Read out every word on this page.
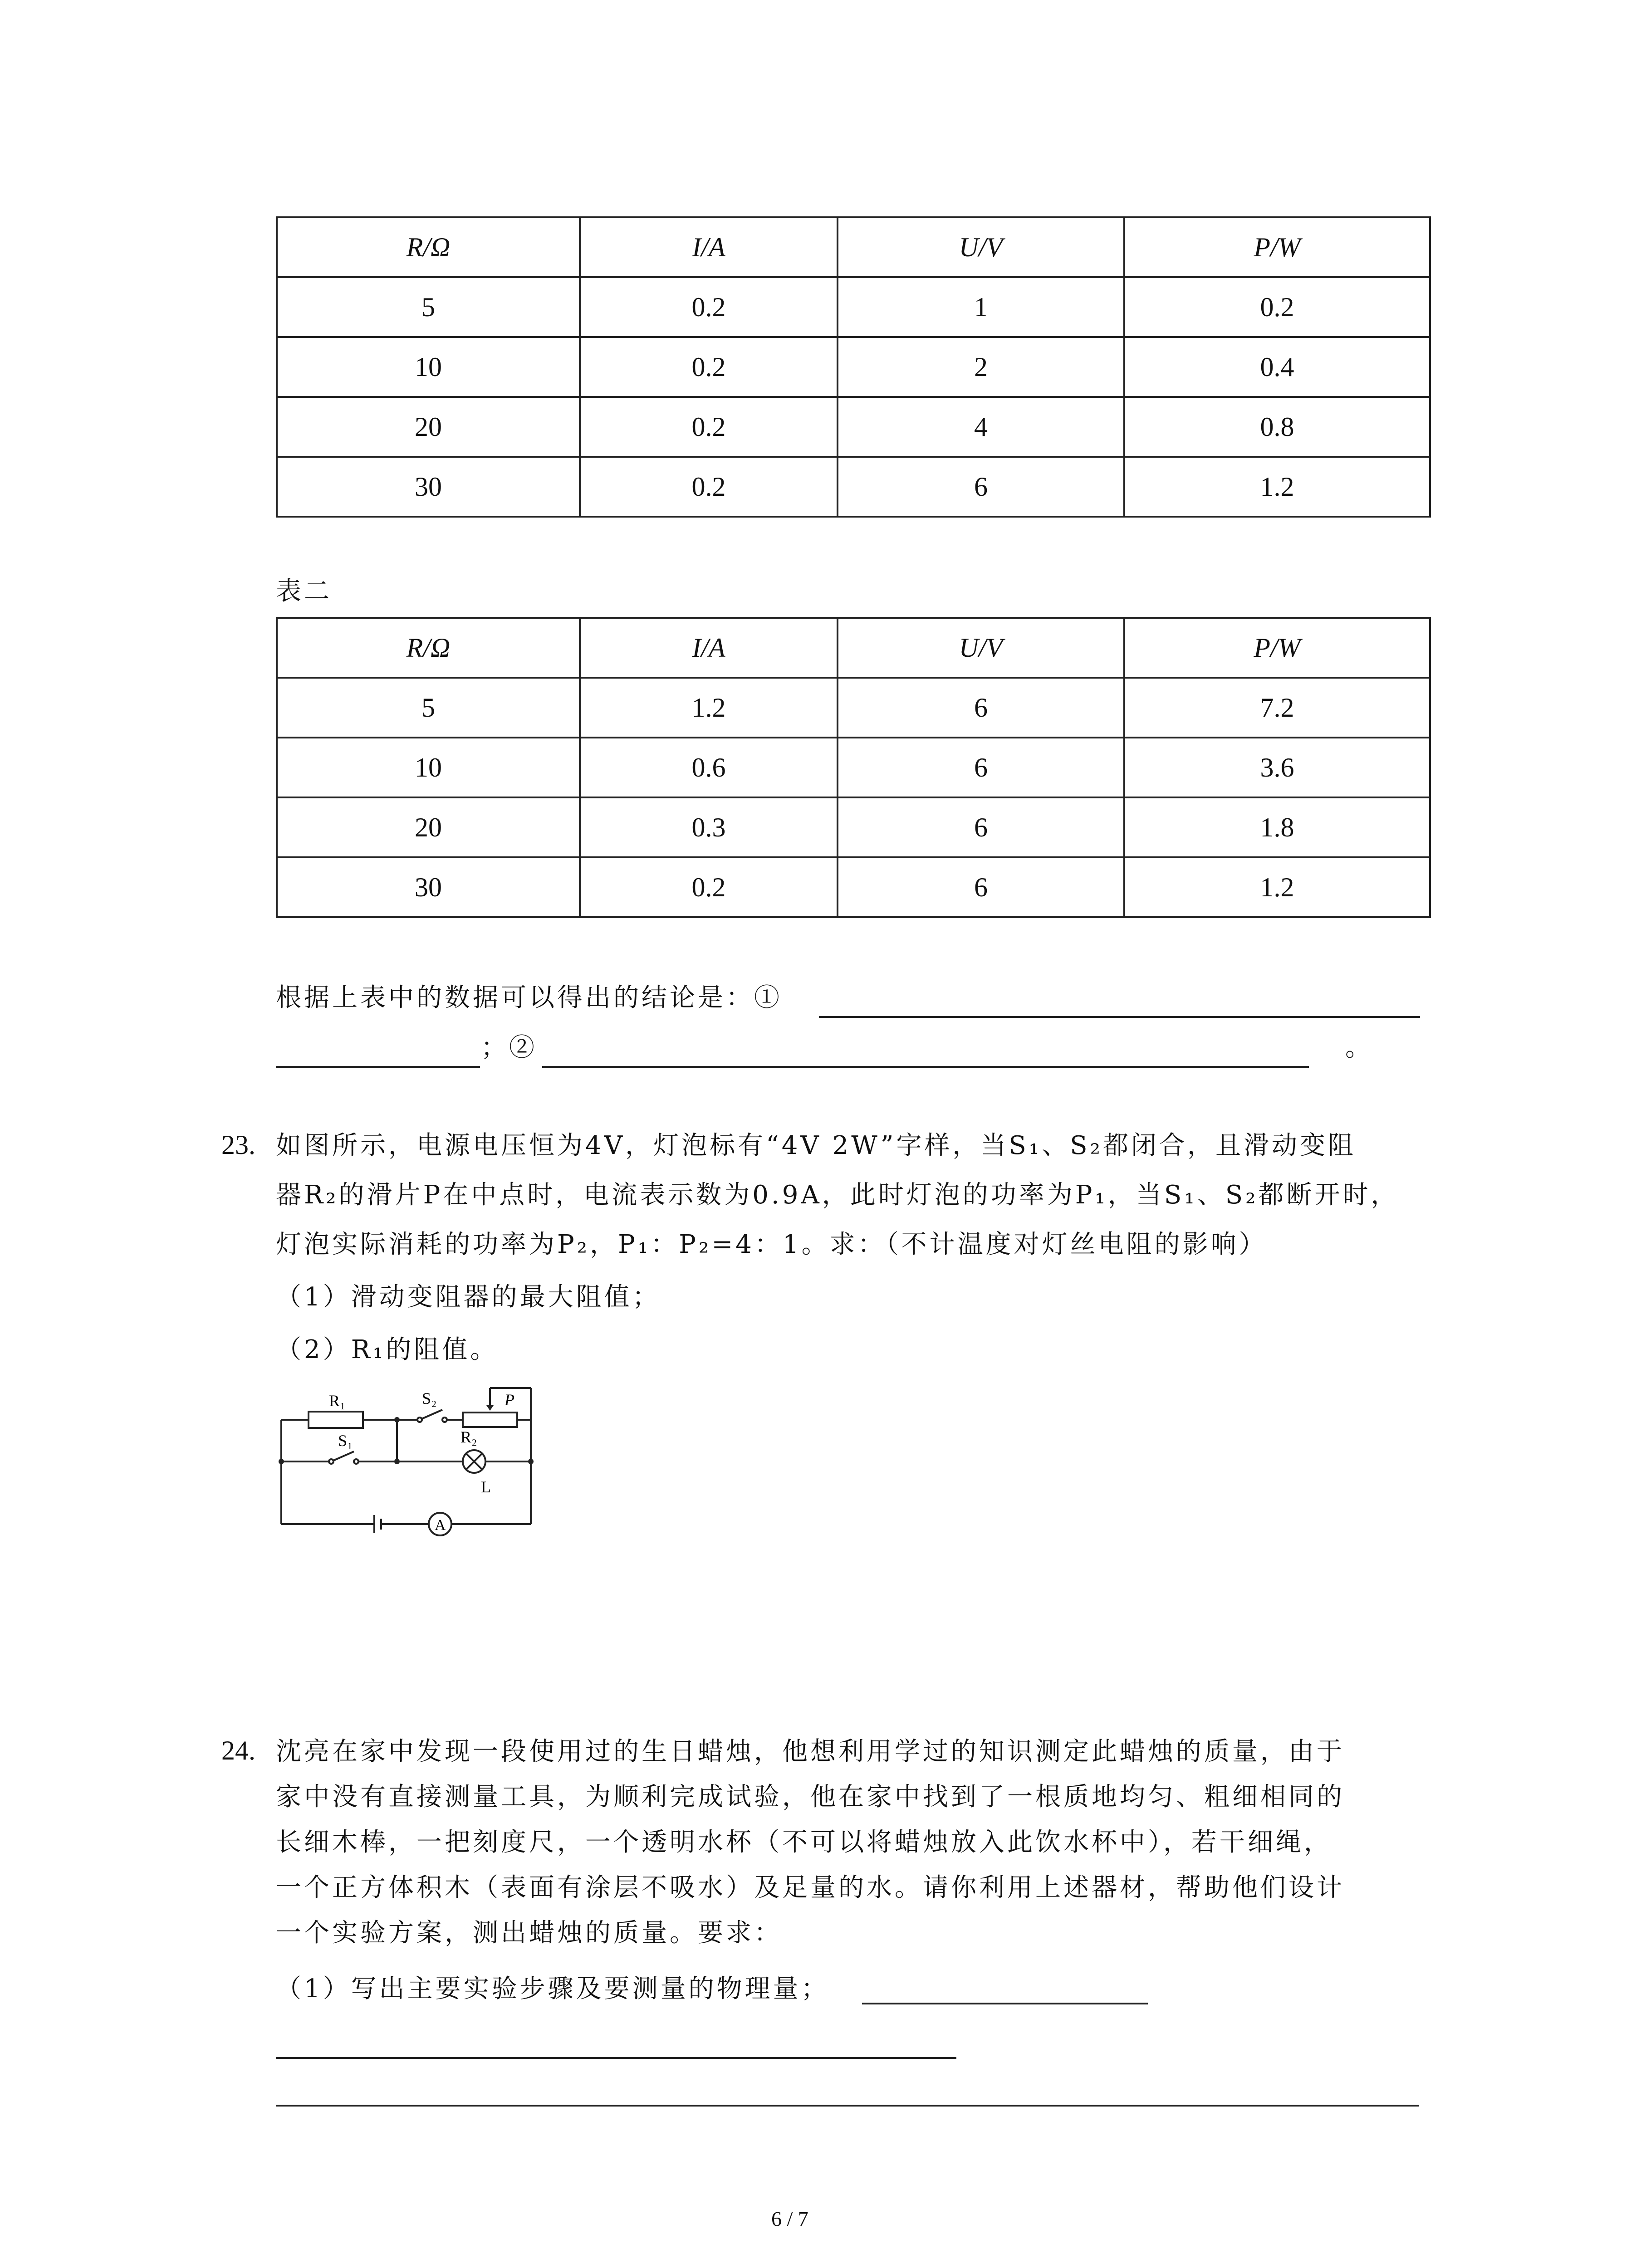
R/Ω	I/A	U/V	P/W
5	0.2	1	0.2
10	0.2	2	0.4
20	0.2	4	0.8
30	0.2	6	1.2
表二
R/Ω	I/A	U/V	P/W
5	1.2	6	7.2
10	0.6	6	3.6
20	0.3	6	1.8
30	0.2	6	1.2
根据上表中的数据可以得出的结论是：①
；②	。
23. 如图所示，电源电压恒为4V，灯泡标有“4V 2W”字样，当S₁、S₂都闭合，且滑动变阻
器R₂的滑片P在中点时，电流表示数为0.9A，此时灯泡的功率为P₁，当S₁、S₂都断开时，
灯泡实际消耗的功率为P₂，P₁：P₂=4：1。求：（不计温度对灯丝电阻的影响）
（1）滑动变阻器的最大阻值；
（2）R₁的阻值。
R₁	S₂	P
R₂
S₁
L
A
24. 沈亮在家中发现一段使用过的生日蜡烛，他想利用学过的知识测定此蜡烛的质量，由于
家中没有直接测量工具，为顺利完成试验，他在家中找到了一根质地均匀、粗细相同的
长细木棒，一把刻度尺，一个透明水杯（不可以将蜡烛放入此饮水杯中），若干细绳，
一个正方体积木（表面有涂层不吸水）及足量的水。请你利用上述器材，帮助他们设计
一个实验方案，测出蜡烛的质量。要求：
（1）写出主要实验步骤及要测量的物理量；
6 / 7
